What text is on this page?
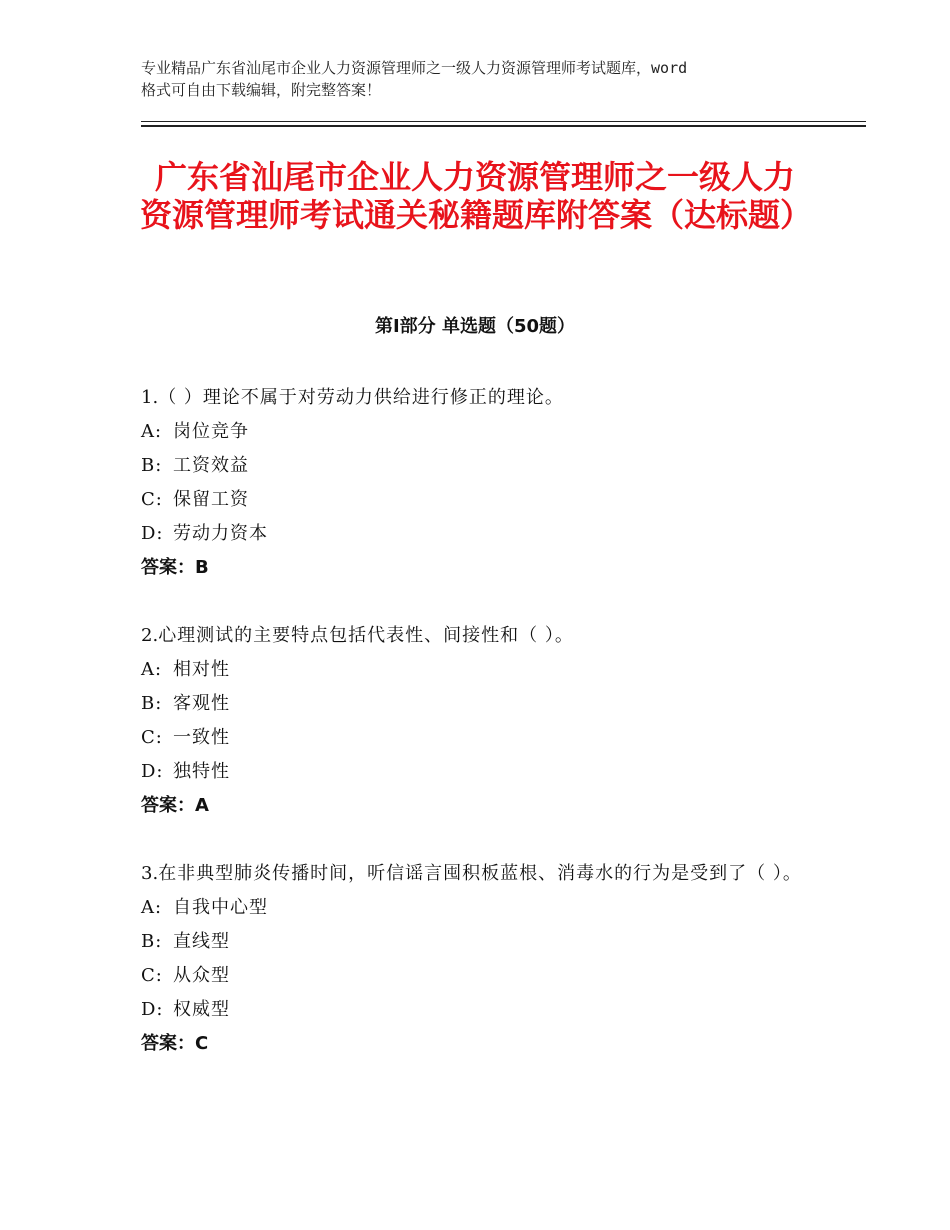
专业精品广东省汕尾市企业人力资源管理师之一级人力资源管理师考试题库，word
格式可自由下载编辑，附完整答案！
广东省汕尾市企业人力资源管理师之一级人力资源管理师考试通关秘籍题库附答案（达标题）
第Ⅰ部分 单选题（50题）

1.（ ）理论不属于对劳动力供给进行修正的理论。

A: 岗位竞争
B: 工资效益
C: 保留工资
D: 劳动力资本
答案：B

2.心理测试的主要特点包括代表性、间接性和（ ）。

A: 相对性
B: 客观性
C: 一致性
D: 独特性
答案：A

3.在非典型肺炎传播时间，听信谣言囤积板蓝根、消毒水的行为是受到了（ ）。

A: 自我中心型
B: 直线型
C: 从众型
D: 权威型
答案：C
